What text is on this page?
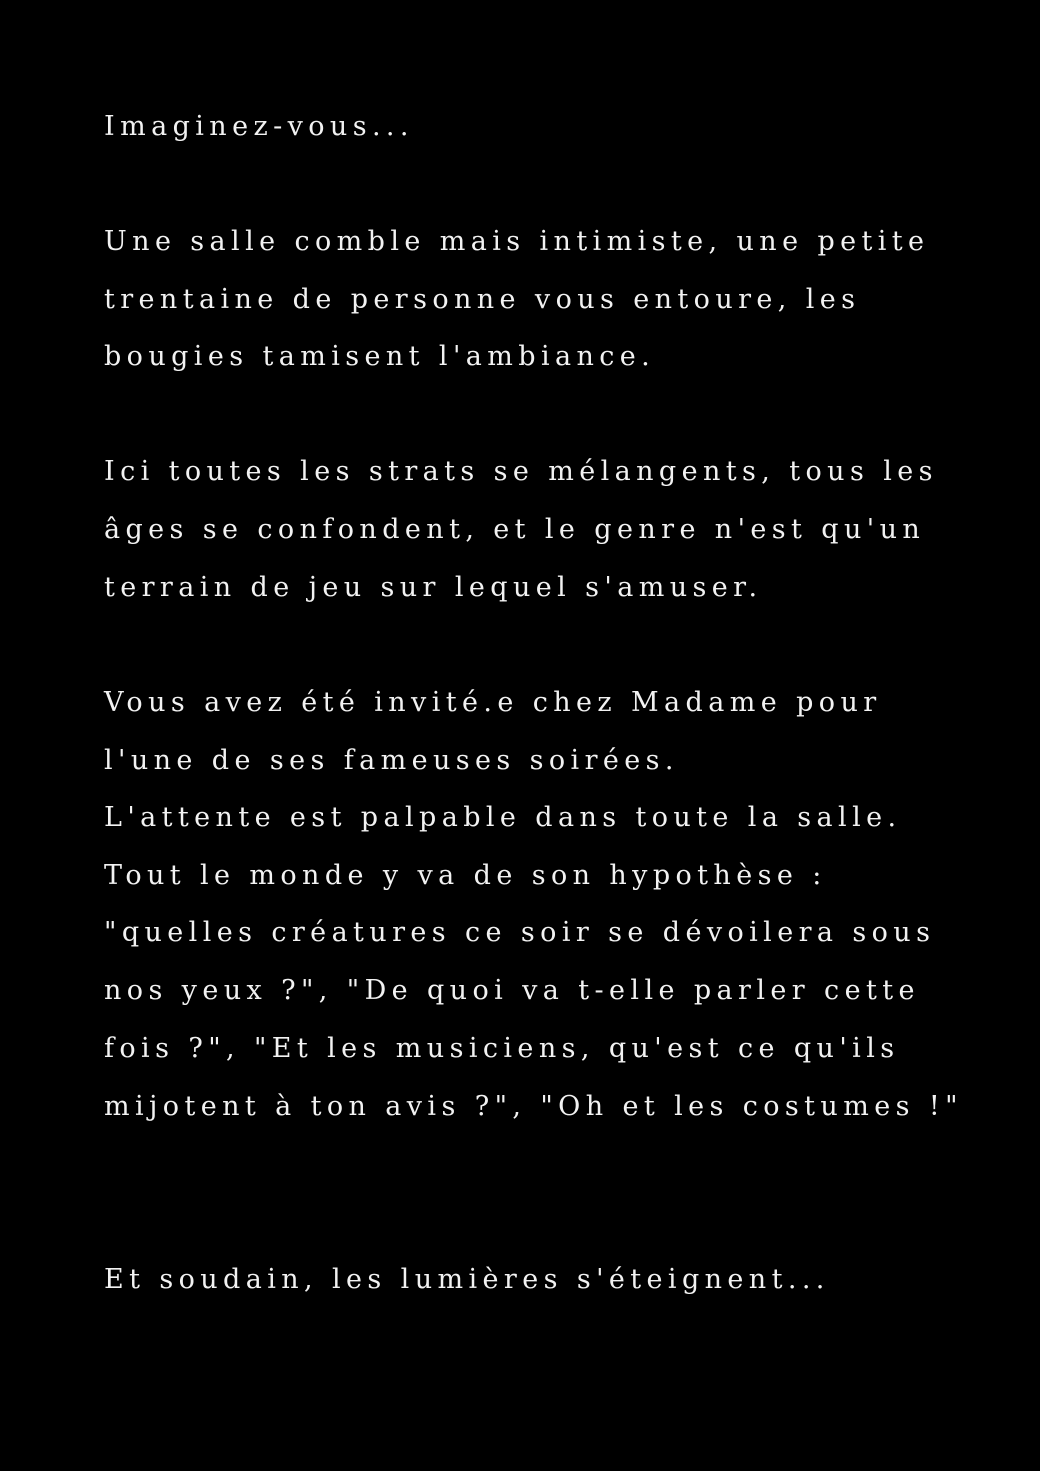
Imaginez-vous...
Une salle comble mais intimiste, une petite
trentaine de personne vous entoure, les
bougies tamisent l'ambiance.
Ici toutes les strats se mélangents, tous les
âges se confondent, et le genre n'est qu'un
terrain de jeu sur lequel s'amuser.
Vous avez été invité.e chez Madame pour
l'une de ses fameuses soirées.
L'attente est palpable dans toute la salle.
Tout le monde y va de son hypothèse :
"quelles créatures ce soir se dévoilera sous
nos yeux ?", "De quoi va t-elle parler cette
fois ?", "Et les musiciens, qu'est ce qu'ils
mijotent à ton avis ?", "Oh et les costumes !"
Et soudain, les lumières s'éteignent...
